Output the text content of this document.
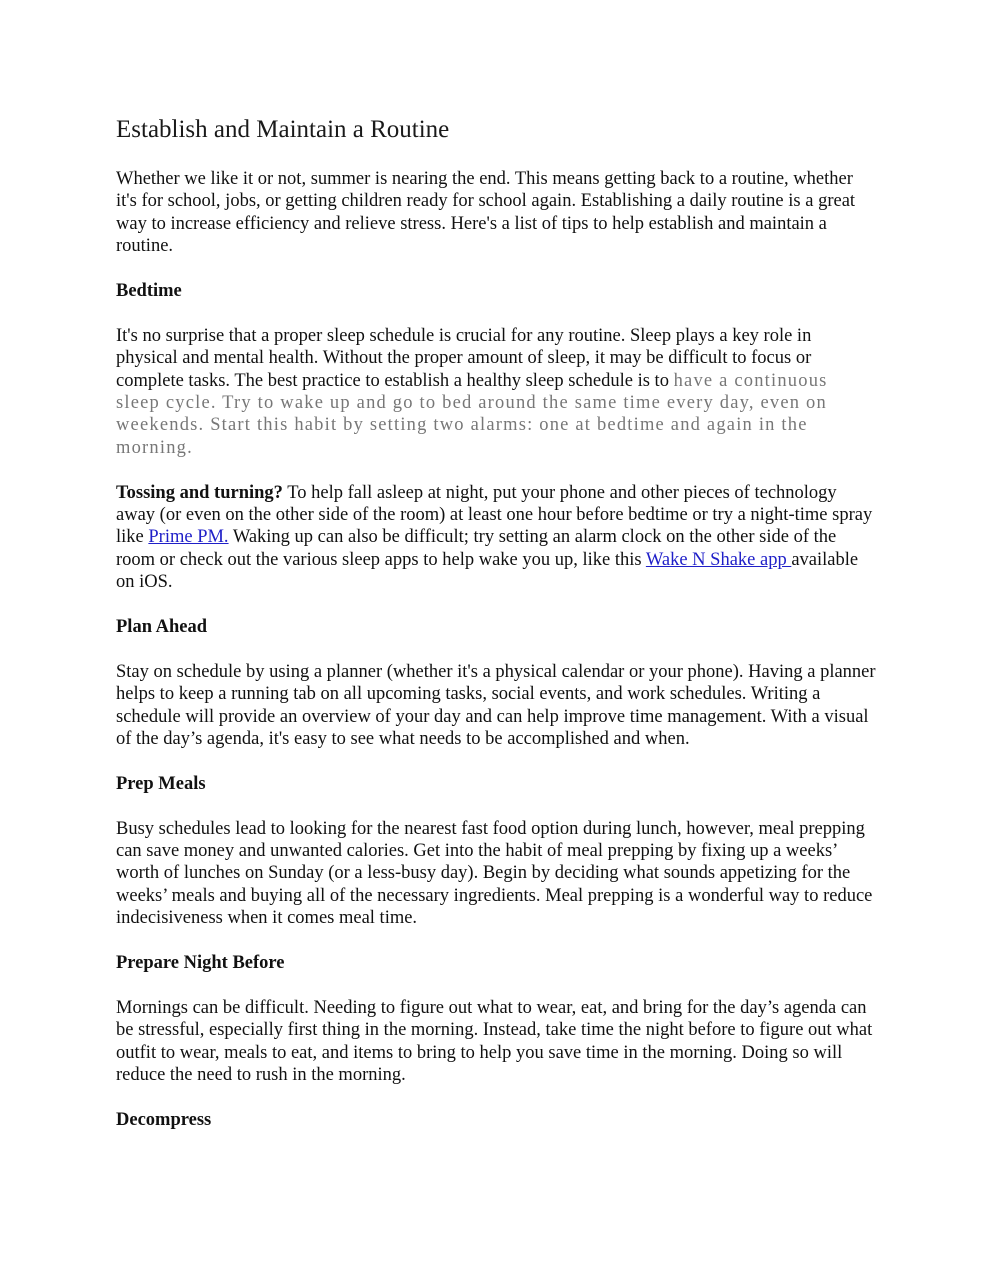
Establish and Maintain a Routine

Whether we like it or not, summer is nearing the end. This means getting back to a routine, whether it's for school, jobs, or getting children ready for school again. Establishing a daily routine is a great way to increase efficiency and relieve stress. Here's a list of tips to help establish and maintain a routine.

Bedtime

It's no surprise that a proper sleep schedule is crucial for any routine. Sleep plays a key role in physical and mental health. Without the proper amount of sleep, it may be difficult to focus or complete tasks. The best practice to establish a healthy sleep schedule is to have a continuous sleep cycle. Try to wake up and go to bed around the same time every day, even on weekends. Start this habit by setting two alarms: one at bedtime and again in the morning.

Tossing and turning? To help fall asleep at night, put your phone and other pieces of technology away (or even on the other side of the room) at least one hour before bedtime or try a night-time spray like Prime PM. Waking up can also be difficult; try setting an alarm clock on the other side of the room or check out the various sleep apps to help wake you up, like this Wake N Shake app available on iOS.

Plan Ahead

Stay on schedule by using a planner (whether it's a physical calendar or your phone). Having a planner helps to keep a running tab on all upcoming tasks, social events, and work schedules. Writing a schedule will provide an overview of your day and can help improve time management. With a visual of the day’s agenda, it's easy to see what needs to be accomplished and when.

Prep Meals

Busy schedules lead to looking for the nearest fast food option during lunch, however, meal prepping can save money and unwanted calories. Get into the habit of meal prepping by fixing up a weeks’ worth of lunches on Sunday (or a less-busy day). Begin by deciding what sounds appetizing for the weeks’ meals and buying all of the necessary ingredients. Meal prepping is a wonderful way to reduce indecisiveness when it comes meal time.

Prepare Night Before

Mornings can be difficult. Needing to figure out what to wear, eat, and bring for the day’s agenda can be stressful, especially first thing in the morning. Instead, take time the night before to figure out what outfit to wear, meals to eat, and items to bring to help you save time in the morning. Doing so will reduce the need to rush in the morning.

Decompress
